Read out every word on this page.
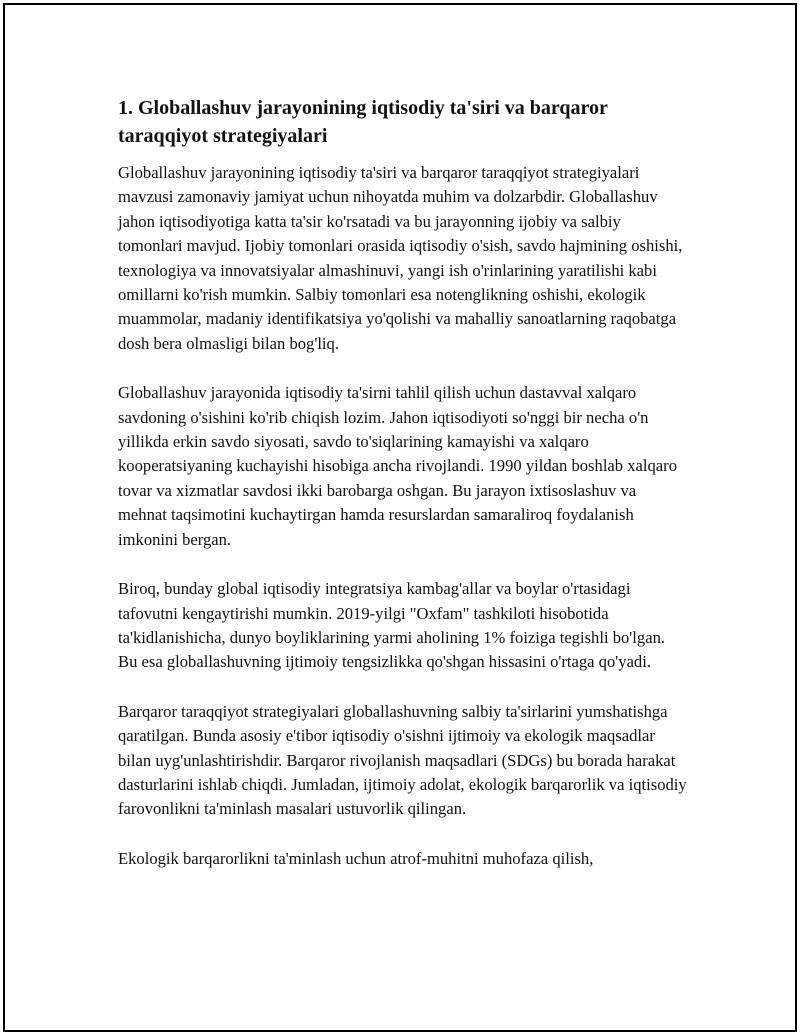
1. Globallashuv jarayonining iqtisodiy ta'siri va barqaror taraqqiyot strategiyalari

Globallashuv jarayonining iqtisodiy ta'siri va barqaror taraqqiyot strategiyalari mavzusi zamonaviy jamiyat uchun nihoyatda muhim va dolzarbdir. Globallashuv jahon iqtisodiyotiga katta ta'sir ko'rsatadi va bu jarayonning ijobiy va salbiy tomonlari mavjud. Ijobiy tomonlari orasida iqtisodiy o'sish, savdo hajmining oshishi, texnologiya va innovatsiyalar almashinuvi, yangi ish o'rinlarining yaratilishi kabi omillarni ko'rish mumkin. Salbiy tomonlari esa notenglikning oshishi, ekologik muammolar, madaniy identifikatsiya yo'qolishi va mahalliy sanoatlarning raqobatga dosh bera olmasligi bilan bog'liq.

Globallashuv jarayonida iqtisodiy ta'sirni tahlil qilish uchun dastavval xalqaro savdoning o'sishini ko'rib chiqish lozim. Jahon iqtisodiyoti so'nggi bir necha o'n yillikda erkin savdo siyosati, savdo to'siqlarining kamayishi va xalqaro kooperatsiyaning kuchayishi hisobiga ancha rivojlandi. 1990 yildan boshlab xalqaro tovar va xizmatlar savdosi ikki barobarga oshgan. Bu jarayon ixtisoslashuv va mehnat taqsimotini kuchaytirgan hamda resurslardan samaraliroq foydalanish imkonini bergan.

Biroq, bunday global iqtisodiy integratsiya kambag'allar va boylar o'rtasidagi tafovutni kengaytirishi mumkin. 2019-yilgi "Oxfam" tashkiloti hisobotida ta'kidlanishicha, dunyo boyliklarining yarmi aholining 1% foiziga tegishli bo'lgan. Bu esa globallashuvning ijtimoiy tengsizlikka qo'shgan hissasini o'rtaga qo'yadi.

Barqaror taraqqiyot strategiyalari globallashuvning salbiy ta'sirlarini yumshatishga qaratilgan. Bunda asosiy e'tibor iqtisodiy o'sishni ijtimoiy va ekologik maqsadlar bilan uyg'unlashtirishdir. Barqaror rivojlanish maqsadlari (SDGs) bu borada harakat dasturlarini ishlab chiqdi. Jumladan, ijtimoiy adolat, ekologik barqarorlik va iqtisodiy farovonlikni ta'minlash masalari ustuvorlik qilingan.

Ekologik barqarorlikni ta'minlash uchun atrof-muhitni muhofaza qilish,
